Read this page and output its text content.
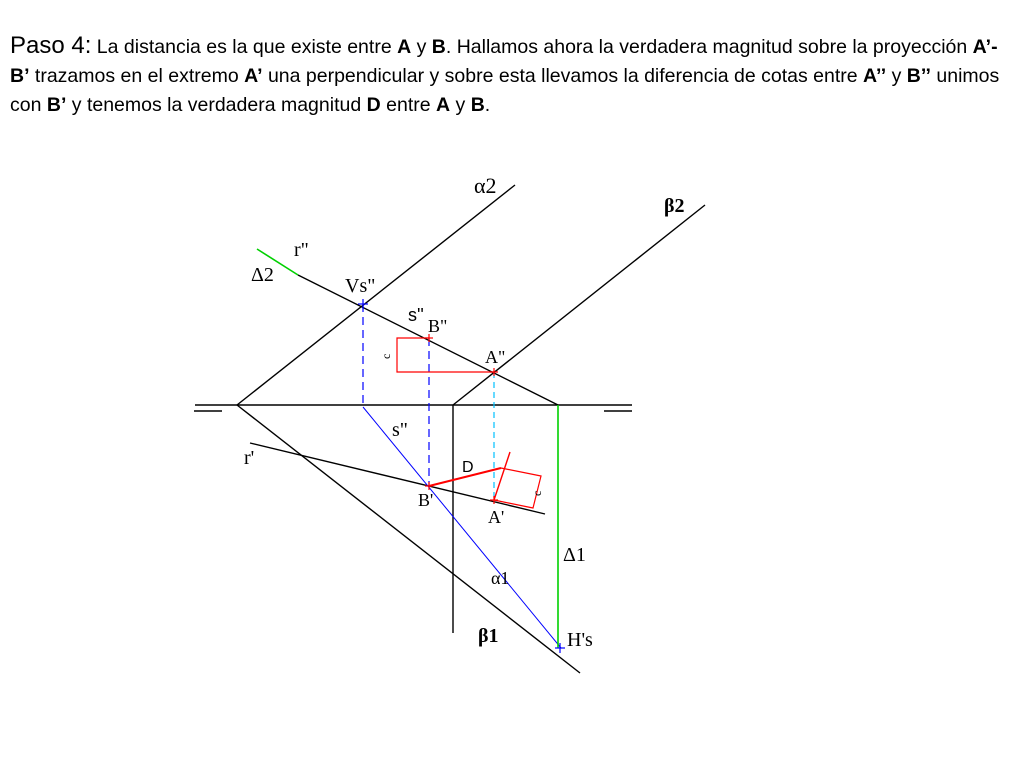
Paso 4: La distancia es la que existe entre A y B. Hallamos ahora la verdadera magnitud sobre la proyección A’-B’ trazamos en el extremo A’ una perpendicular y sobre esta llevamos la diferencia de cotas entre A’’ y B’’ unimos con B’ y tenemos la verdadera magnitud D entre A y B.
α2
β2
r"
Δ2	Vs"
s''
B"
A"
c
s"
r'	D
B'
A'
c
Δ1
α1
β1	H's
